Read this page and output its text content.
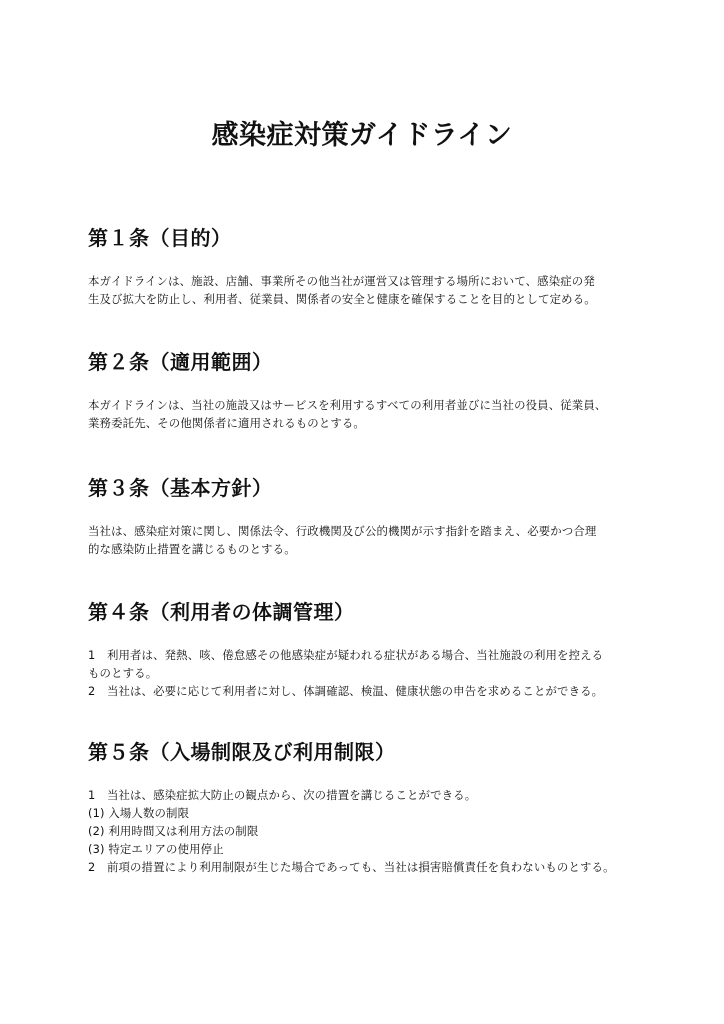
感染症対策ガイドライン
第１条（目的）

本ガイドラインは、施設、店舗、事業所その他当社が運営又は管理する場所において、感染症の発

生及び拡大を防止し、利用者、従業員、関係者の安全と健康を確保することを目的として定める。

第２条（適用範囲）

本ガイドラインは、当社の施設又はサービスを利用するすべての利用者並びに当社の役員、従業員、

業務委託先、その他関係者に適用されるものとする。

第３条（基本方針）

当社は、感染症対策に関し、関係法令、行政機関及び公的機関が示す指針を踏まえ、必要かつ合理

的な感染防止措置を講じるものとする。

第４条（利用者の体調管理）

1　利用者は、発熱、咳、倦怠感その他感染症が疑われる症状がある場合、当社施設の利用を控える

ものとする。

2　当社は、必要に応じて利用者に対し、体調確認、検温、健康状態の申告を求めることができる。

第５条（入場制限及び利用制限）

1　当社は、感染症拡大防止の観点から、次の措置を講じることができる。

(1) 入場人数の制限

(2) 利用時間又は利用方法の制限

(3) 特定エリアの使用停止

2　前項の措置により利用制限が生じた場合であっても、当社は損害賠償責任を負わないものとする。
